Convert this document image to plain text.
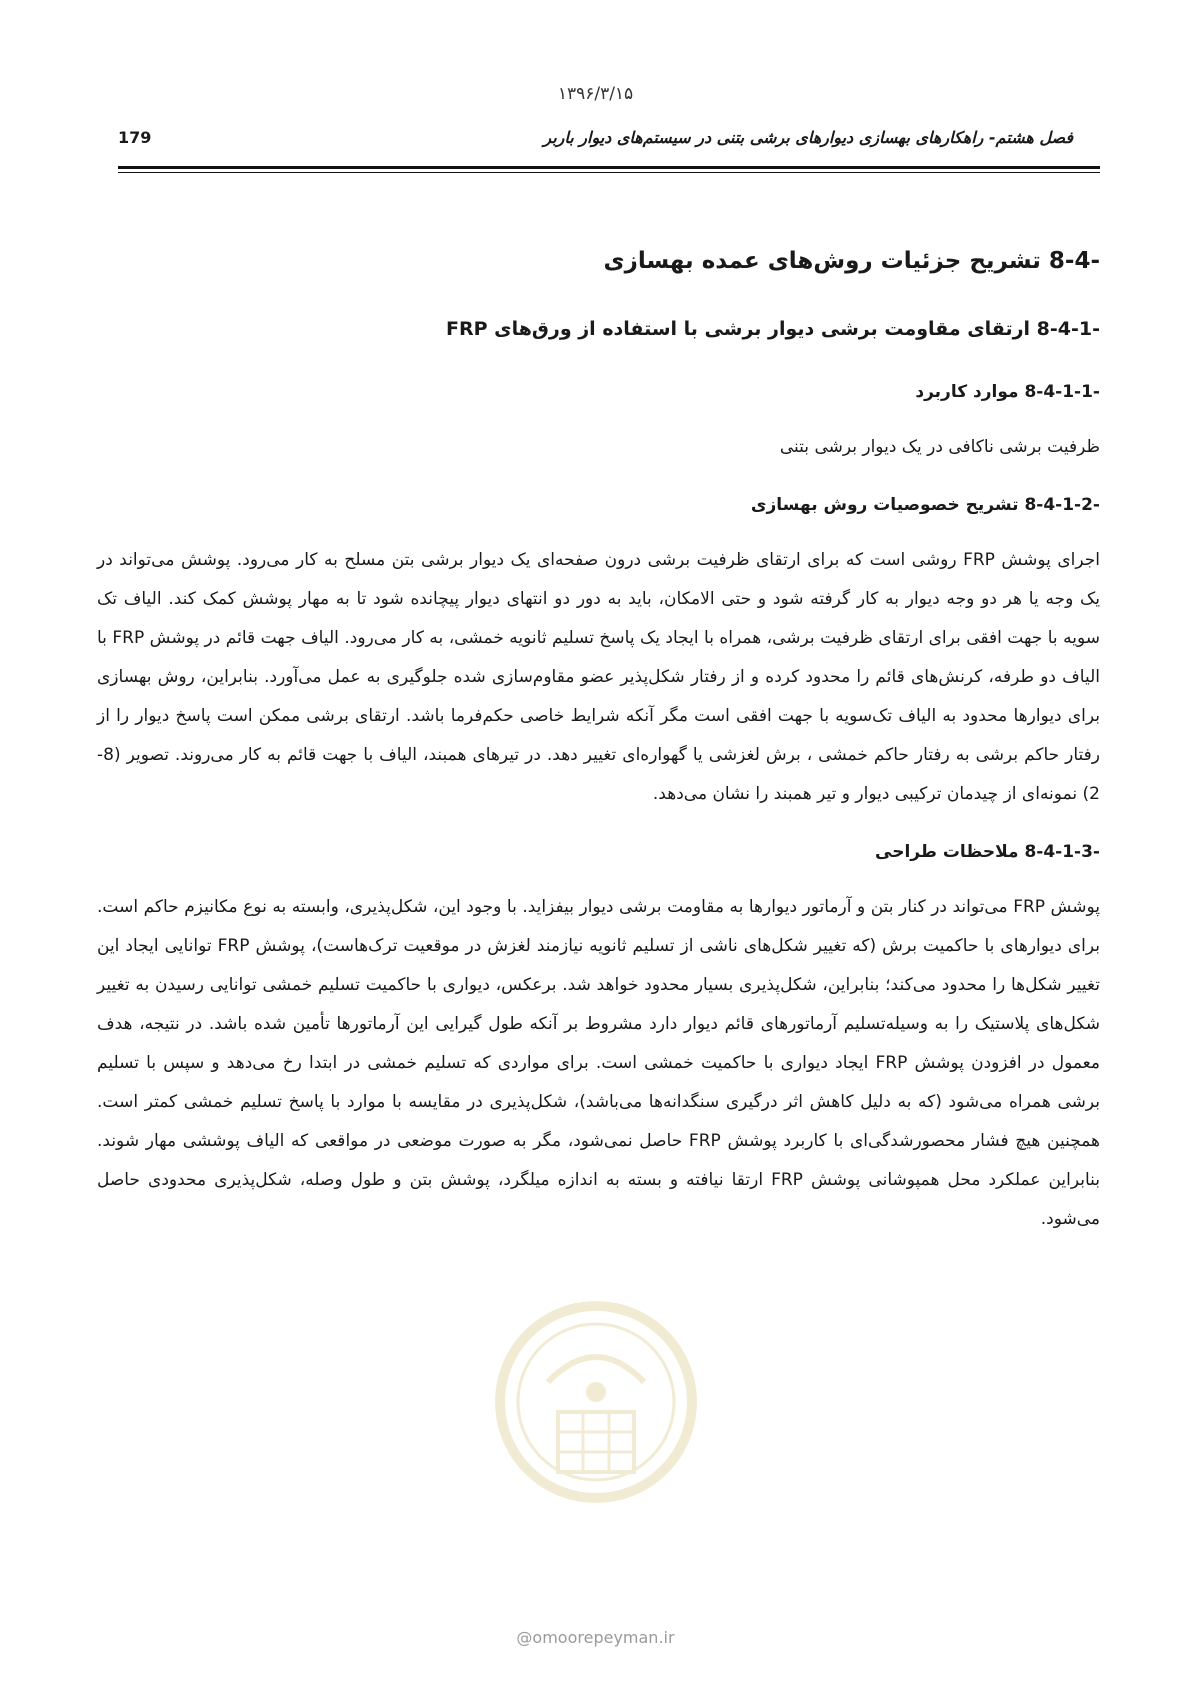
۱۳۹۶/۳/۱۵
فصل هشتم- راهکارهای بهسازی دیوارهای برشی بتنی در سیستم‌های دیوار باربر
179
8-4- تشریح جزئیات روش‌های عمده بهسازی
8-4-1- ارتقای مقاومت برشی دیوار برشی با استفاده از ورق‌های FRP
8-4-1-1- موارد کاربرد

ظرفیت برشی ناکافی در یک دیوار برشی بتنی

8-4-1-2- تشریح خصوصیات روش بهسازی

اجرای پوشش FRP روشی است که برای ارتقای ظرفیت برشی درون صفحه‌ای یک دیوار برشی بتن مسلح به کار می‌رود. پوشش می‌تواند در یک وجه یا هر دو وجه دیوار به کار گرفته شود و حتی الامکان، باید به دور دو انتهای دیوار پیچانده شود تا به مهار پوشش کمک کند. الیاف تک سویه با جهت افقی برای ارتقای ظرفیت برشی، همراه با ایجاد یک پاسخ تسلیم ثانویه خمشی، به کار می‌رود. الیاف جهت قائم در پوشش FRP با الیاف دو طرفه، کرنش‌های قائم را محدود کرده و از رفتار شکل‌پذیر عضو مقاوم‌سازی شده جلوگیری به عمل می‌آورد. بنابراین، روش بهسازی برای دیوارها محدود به الیاف تک‌سویه با جهت افقی است مگر آنکه شرایط خاصی حکم‌فرما باشد. ارتقای برشی ممکن است پاسخ دیوار را از رفتار حاکم برشی به رفتار حاکم خمشی ، برش لغزشی یا گهواره‌ای تغییر دهد. در تیرهای همبند، الیاف با جهت قائم به کار می‌روند. تصویر (8-2) نمونه‌ای از چیدمان ترکیبی دیوار و تیر همبند را نشان می‌دهد.

8-4-1-3- ملاحظات طراحی

پوشش FRP می‌تواند در کنار بتن و آرماتور دیوارها به مقاومت برشی دیوار بیفزاید. با وجود این، شکل‌پذیری، وابسته به نوع مکانیزم حاکم است. برای دیوارهای با حاکمیت برش (که تغییر شکل‌های ناشی از تسلیم ثانویه نیازمند لغزش در موقعیت ترک‌هاست)، پوشش FRP توانایی ایجاد این تغییر شکل‌ها را محدود می‌کند؛ بنابراین، شکل‌پذیری بسیار محدود خواهد شد. برعکس، دیواری با حاکمیت تسلیم خمشی توانایی رسیدن به تغییر شکل‌های پلاستیک را به وسیله‌تسلیم آرماتورهای قائم دیوار دارد مشروط بر آنکه طول گیرایی این آرماتورها تأمین شده باشد. در نتیجه، هدف معمول در افزودن پوشش FRP ایجاد دیواری با حاکمیت خمشی است. برای مواردی که تسلیم خمشی در ابتدا رخ می‌دهد و سپس با تسلیم برشی همراه می‌شود (که به دلیل کاهش اثر درگیری سنگدانه‌ها می‌باشد)، شکل‌پذیری در مقایسه با موارد با پاسخ تسلیم خمشی کمتر است. همچنین هیچ فشار محصورشدگی‌ای با کاربرد پوشش FRP حاصل نمی‌شود، مگر به صورت موضعی در مواقعی که الیاف پوششی مهار شوند. بنابراین عملکرد محل همپوشانی پوشش FRP ارتقا نیافته و بسته به اندازه میلگرد، پوشش بتن و طول وصله، شکل‌پذیری محدودی حاصل می‌شود.

@omoorepeyman.ir
